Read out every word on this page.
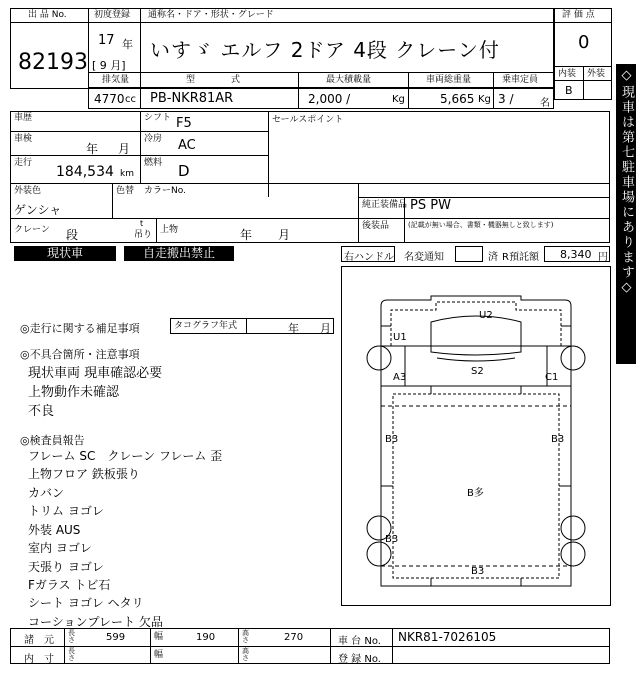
出 品 No.
82193
初度登録
17 年
[ 9 月]
通称名・ドア・形状・グレード
いすゞ エルフ 2ドア 4段 クレーン付
評 価 点
0
内装 外装
B
排気量
4770 cc
型　　　　式
PB-NKR81AR
最大積載量
2,000 /	Kg
車両総重量
5,665 Kg
乗車定員
3 /	名
車歴	シフト F5
車検
年 月
冷房 AC
走行
184,534 km
燃料 D
セールスポイント
外装色
ゲンシャ
色替 カラーNo.
純正装備品 PS PW
後装品	(記載が無い場合、書類・機器無しと致します)
クレーン 段
t
吊り 上物	年 月
現状車	自走搬出禁止	右ハンドル 名変通知	済 R預託額 8,340 円
◎走行に関する補足事項	タコグラフ年式	年 月
◎不具合箇所・注意事項
現状車両 現車確認必要
上物動作未確認
不良
◎検査員報告
フレーム SC　クレーン フレーム 歪
上物フロア 鉄板張り
カバン
トリム ヨゴレ
外装 AUS
室内 ヨゴレ
天張り ヨゴレ
Fガラス トビ石
シート ヨゴレ ヘタリ
コーションプレート 欠品
U2
U1
A3
S2
C1
B3	B3
B多
B3
B3
諸　元
長さ	599	幅	190	高さ	270	車 台 No. NKR81-7026105
内　寸
長さ	幅	高さ	登 録 No.
◇現車は第七駐車場にあります◇
